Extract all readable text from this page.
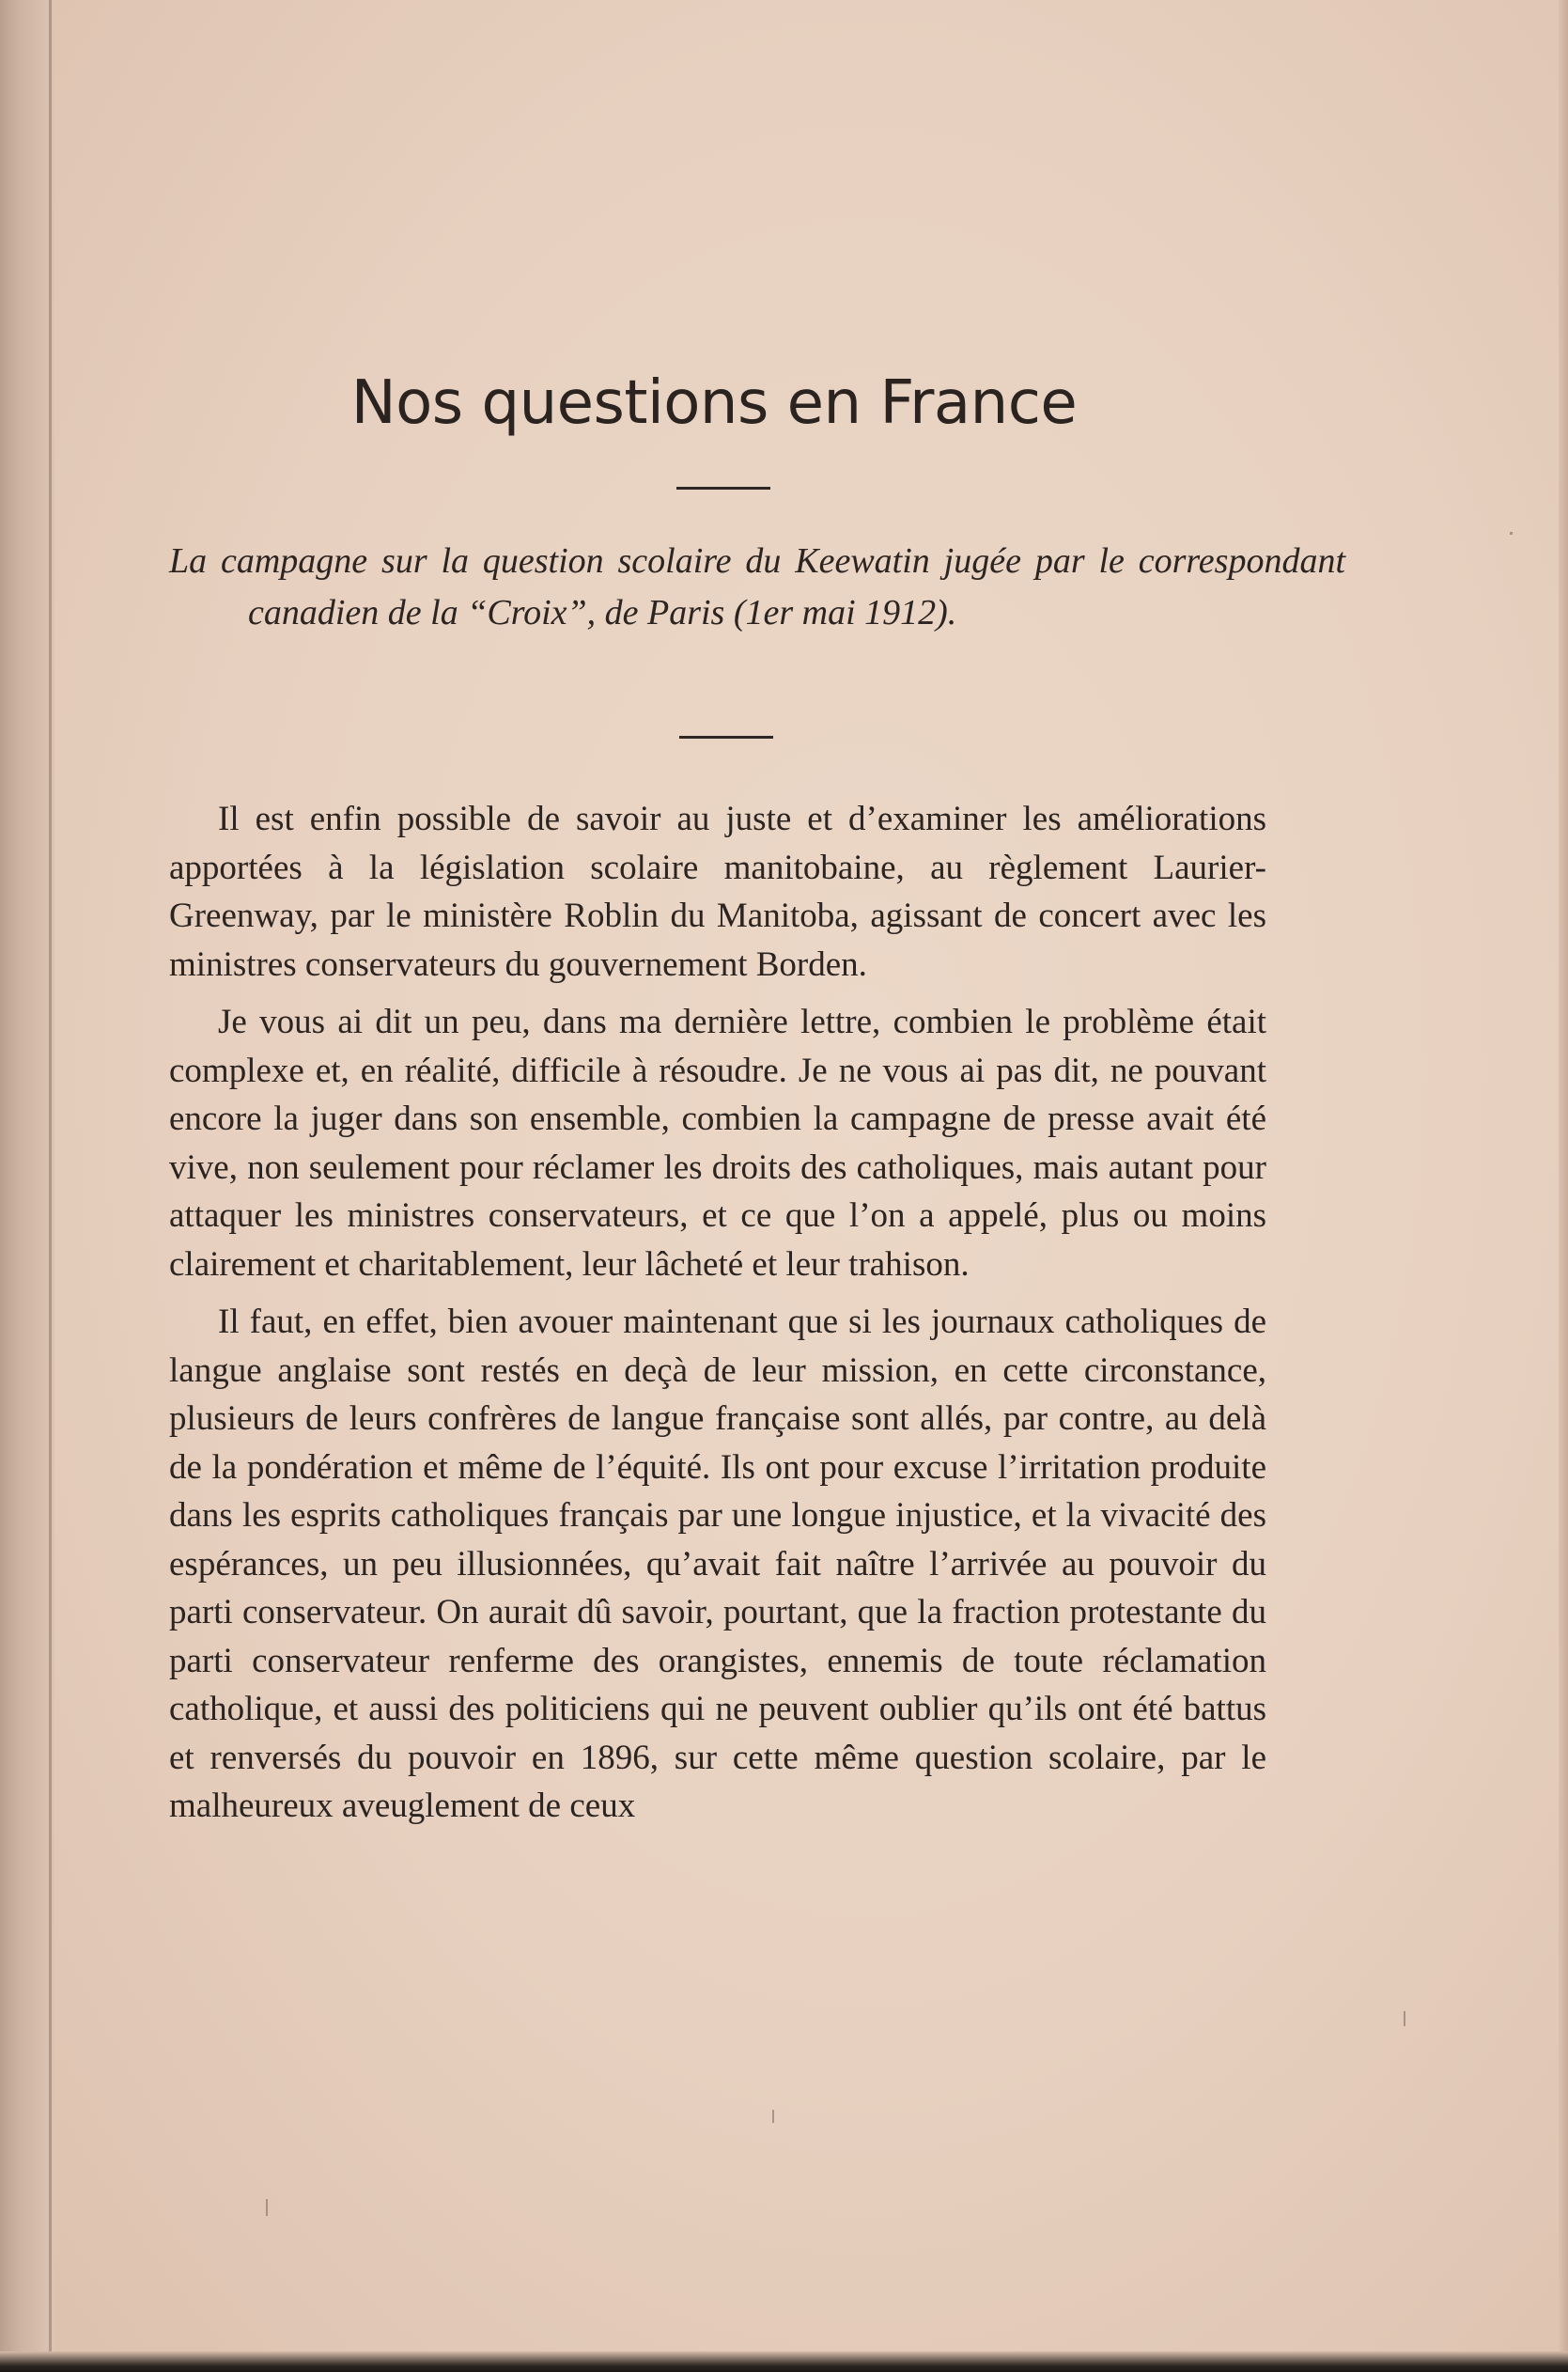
Nos questions en France

La campagne sur la question scolaire du Keewatin jugée par le correspondant canadien de la “Croix”, de Paris (1er mai 1912).

Il est enfin possible de savoir au juste et d’examiner les améliorations apportées à la législation scolaire manitobaine, au règlement Laurier-Greenway, par le ministère Roblin du Manitoba, agissant de concert avec les ministres conservateurs du gouvernement Borden.

Je vous ai dit un peu, dans ma dernière lettre, combien le problème était complexe et, en réalité, difficile à résoudre. Je ne vous ai pas dit, ne pouvant encore la juger dans son ensemble, combien la campagne de presse avait été vive, non seulement pour réclamer les droits des catholiques, mais autant pour attaquer les ministres conservateurs, et ce que l’on a appelé, plus ou moins clairement et charitablement, leur lâcheté et leur trahison.

Il faut, en effet, bien avouer maintenant que si les journaux catholiques de langue anglaise sont restés en deçà de leur mission, en cette circonstance, plusieurs de leurs confrères de langue française sont allés, par contre, au delà de la pondération et même de l’équité. Ils ont pour excuse l’irritation produite dans les esprits catholiques français par une longue injustice, et la vivacité des espérances, un peu illusionnées, qu’avait fait naître l’arrivée au pouvoir du parti conservateur. On aurait dû savoir, pourtant, que la fraction protestante du parti conservateur renferme des orangistes, ennemis de toute réclamation catholique, et aussi des politiciens qui ne peuvent oublier qu’ils ont été battus et renversés du pouvoir en 1896, sur cette même question scolaire, par le malheureux aveuglement de ceux
